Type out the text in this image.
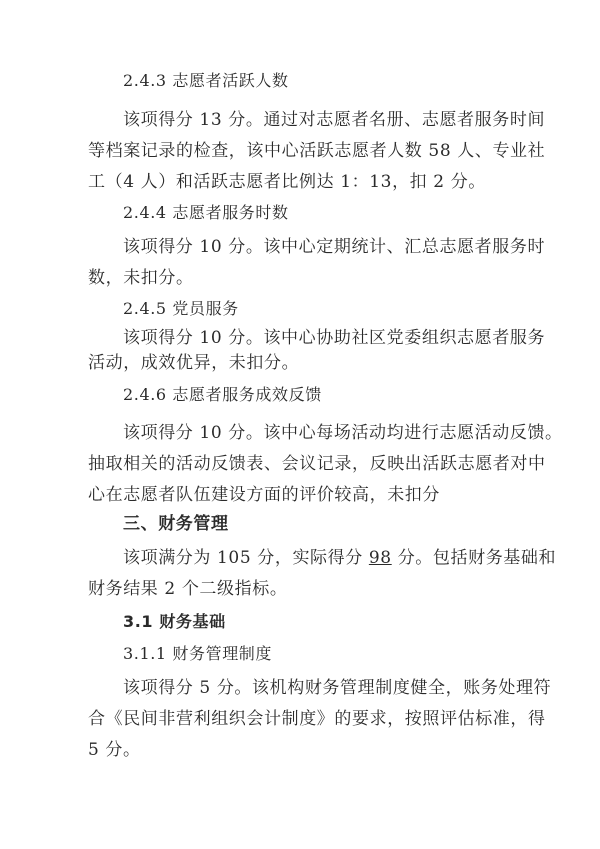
2.4.3 志愿者活跃人数

该项得分 13 分。通过对志愿者名册、志愿者服务时间

等档案记录的检查，该中心活跃志愿者人数 58 人、专业社

工（4 人）和活跃志愿者比例达 1：13，扣 2 分。

2.4.4 志愿者服务时数

该项得分 10 分。该中心定期统计、汇总志愿者服务时

数，未扣分。

2.4.5 党员服务

该项得分 10 分。该中心协助社区党委组织志愿者服务

活动，成效优异，未扣分。

2.4.6 志愿者服务成效反馈

该项得分 10 分。该中心每场活动均进行志愿活动反馈。

抽取相关的活动反馈表、会议记录，反映出活跃志愿者对中

心在志愿者队伍建设方面的评价较高，未扣分

三、财务管理

该项满分为 105 分，实际得分 98 分。包括财务基础和

财务结果 2 个二级指标。

3.1 财务基础

3.1.1 财务管理制度

该项得分 5 分。该机构财务管理制度健全，账务处理符

合《民间非营利组织会计制度》的要求，按照评估标准，得

5 分。
